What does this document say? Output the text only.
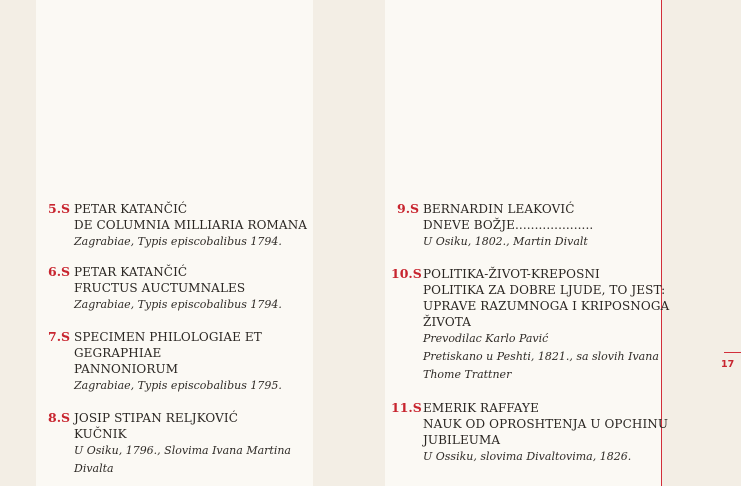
17
5.S PETAR KATANČIĆ
DE COLUMNIA MILLIARIA ROMANA
Zagrabiae, Typis episcobalibus 1794.
6.S PETAR KATANČIĆ
FRUCTUS AUCTUMNALES
Zagrabiae, Typis episcobalibus 1794.
7.S SPECIMEN PHILOLOGIAE ET
GEGRAPHIAE
PANNONIORUM
Zagrabiae, Typis episcobalibus 1795.
8.S JOSIP STIPAN RELJKOVIĆ
KUČNIK
U Osiku, 1796., Slovima Ivana Martina
Divalta
9.S BERNARDIN LEAKOVIĆ
DNEVE BOŽJE....................
U Osiku, 1802., Martin Divalt
10.S POLITIKA-ŽIVOT-KREPOSNI
POLITIKA ZA DOBRE LJUDE, TO JEST:
UPRAVE RAZUMNOGA I KRIPOSNOGA
ŽIVOTA
Prevodilac Karlo Pavić
Pretiskano u Peshti, 1821., sa slovih Ivana
Thome Trattner
11.S EMERIK RAFFAYE
NAUK OD OPROSHTENJA U OPCHINU
JUBILEUMA
U Ossiku, slovima Divaltovima, 1826.
